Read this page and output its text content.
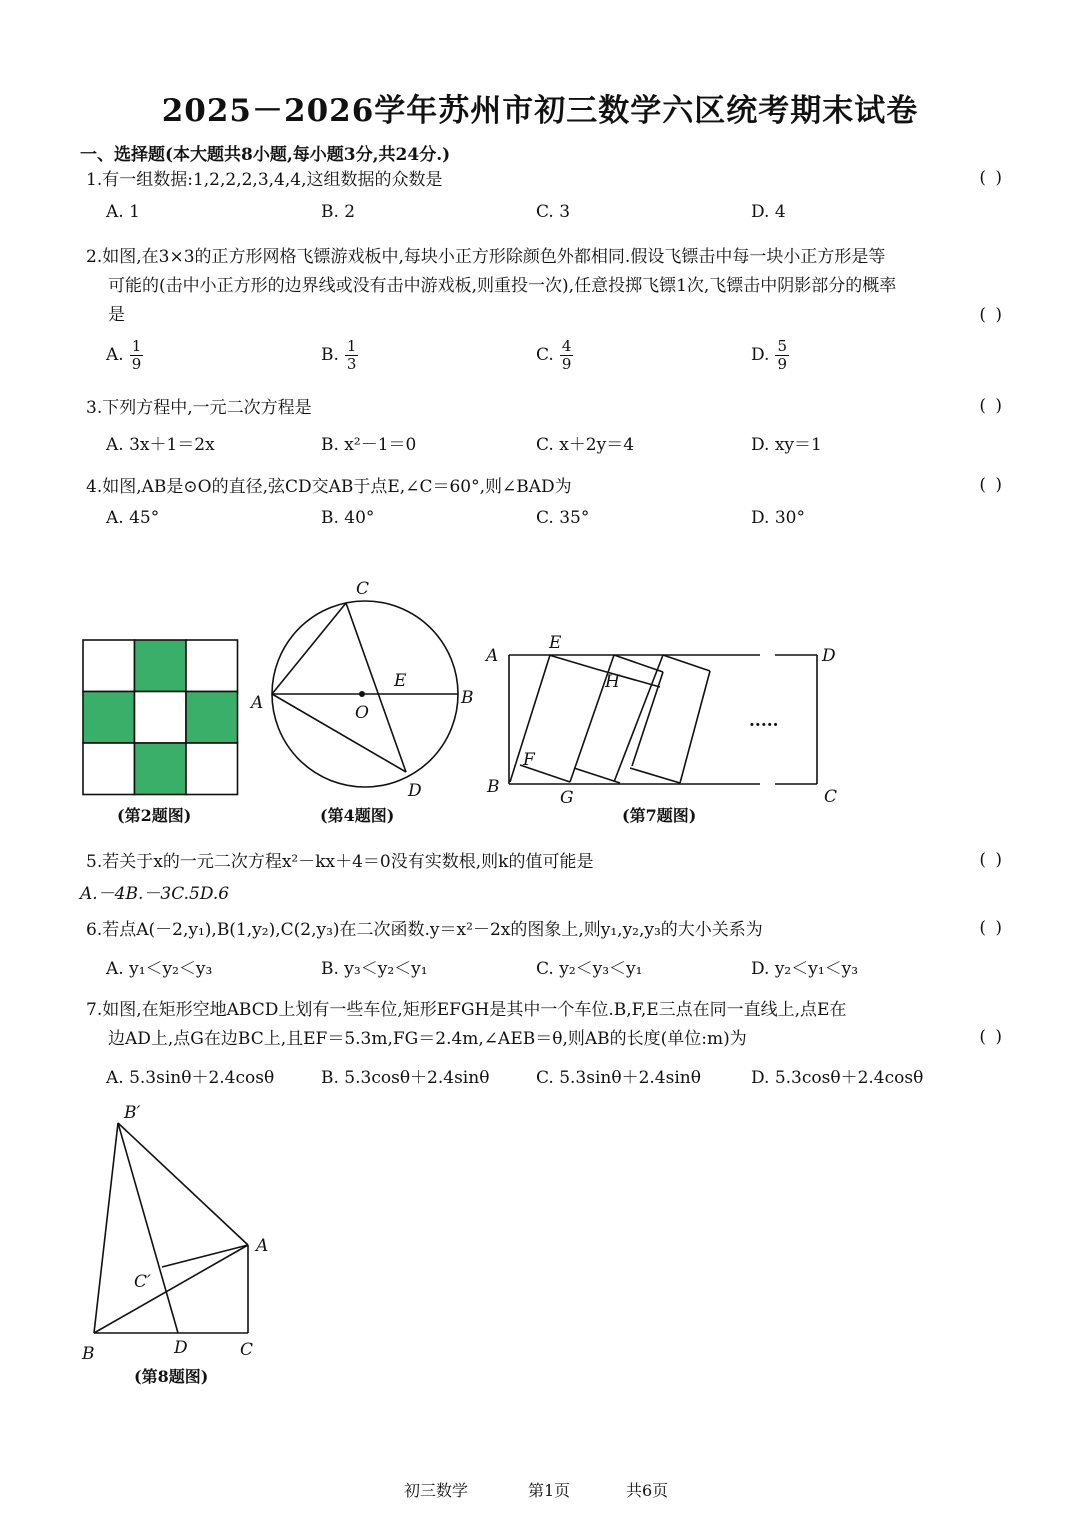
2025－2026学年苏州市初三数学六区统考期末试卷
一、选择题(本大题共8小题,每小题3分,共24分.)
1.有一组数据:1,2,2,2,3,4,4,这组数据的众数是	( )
A. 1	B. 2	C. 3	D. 4
2.如图,在3×3的正方形网格飞镖游戏板中,每块小正方形除颜色外都相同.假设飞镖击中每一块小正方形是等
可能的(击中小正方形的边界线或没有击中游戏板,则重投一次),任意投掷飞镖1次,飞镖击中阴影部分的概率
是	( )
A. $\frac{1}{9}$	B. $\frac{1}{3}$	C. $\frac{4}{9}$	D. $\frac{5}{9}$
3.下列方程中,一元二次方程是	( )
A. 3x＋1＝2x	B. x²－1＝0	C. x＋2y＝4	D. xy＝1
4.如图,AB是⊙O的直径,弦CD交AB于点E,∠C＝60°,则∠BAD为	( )
A. 45°	B. 40°	C. 35°	D. 30°
C
A
E
B
O
D
A
E
D
H
F
B
G	C
.....
(第2题图)	(第4题图)	(第7题图)
5.若关于x的一元二次方程x²－kx＋4＝0没有实数根,则k的值可能是	( )
A.－4B.－3C.5D.6
6.若点A(－2,y₁),B(1,y₂),C(2,y₃)在二次函数.y＝x²－2x的图象上,则y₁,y₂,y₃的大小关系为	( )
A. y₁＜y₂＜y₃	B. y₃＜y₂＜y₁	C. y₂＜y₃＜y₁	D. y₂＜y₁＜y₃
7.如图,在矩形空地ABCD上划有一些车位,矩形EFGH是其中一个车位.B,F,E三点在同一直线上,点E在
边AD上,点G在边BC上,且EF＝5.3m,FG＝2.4m,∠AEB＝θ,则AB的长度(单位:m)为	( )
A. 5.3sinθ＋2.4cosθ	B. 5.3cosθ＋2.4sinθ	C. 5.3sinθ＋2.4sinθ	D. 5.3cosθ＋2.4cosθ
B′
A
C′
B	D	C
(第8题图)
初三数学	第1页	共6页
